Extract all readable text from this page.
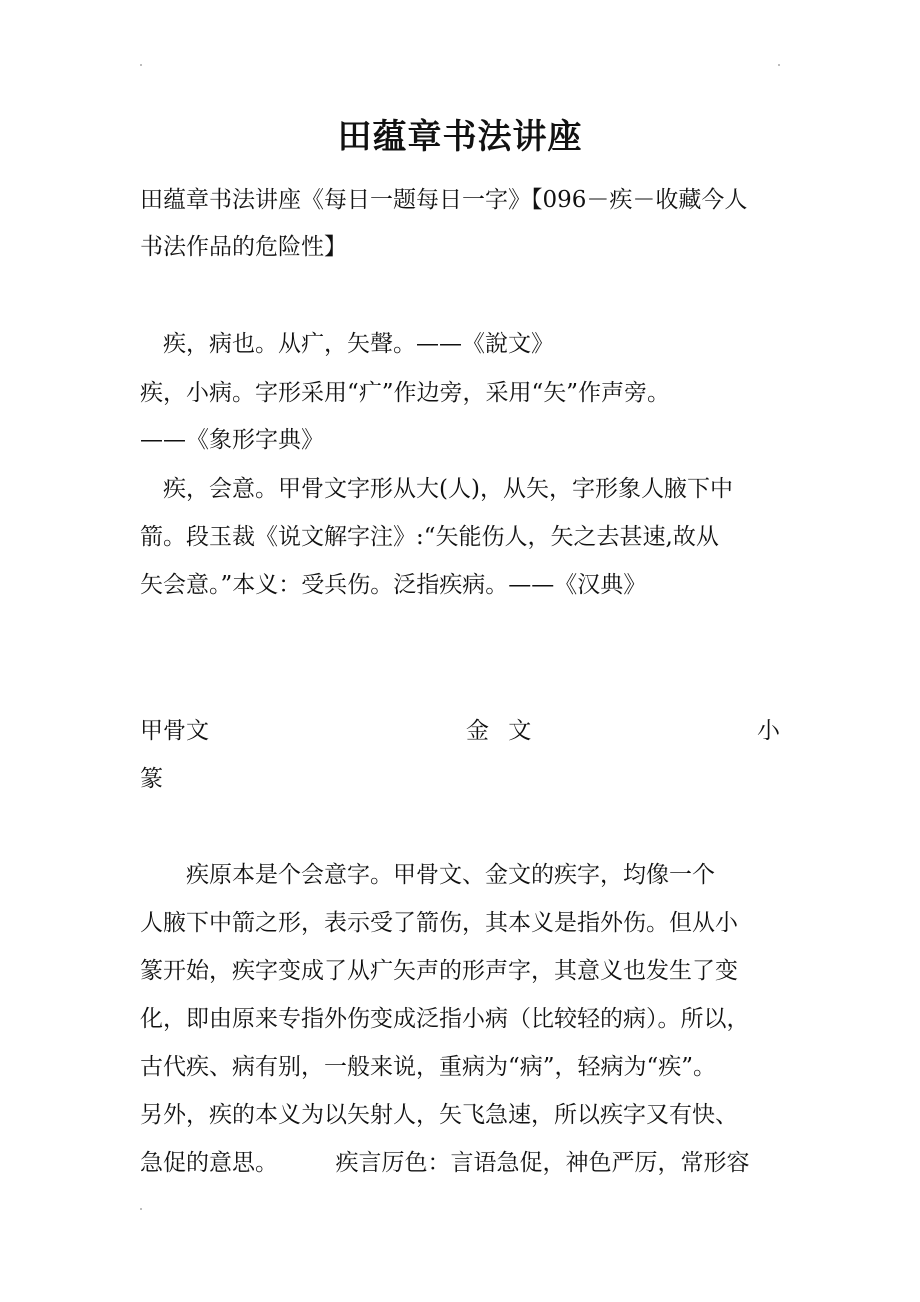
田蕴章书法讲座
田蕴章书法讲座《每日一题每日一字》【096－疾－收藏今人
书法作品的危险性】
　疾，病也。从疒，矢聲。——《說文》
疾，小病。字形采用“疒”作边旁，采用“矢”作声旁。
——《象形字典》
　疾，会意。甲骨文字形从大(人)，从矢，字形象人腋下中
箭。段玉裁《说文解字注》:“矢能伤人，矢之去甚速,故从
矢会意。”本义：受兵伤。泛指疾病。——《汉典》
甲骨文	金 文	小
篆
　　疾原本是个会意字。甲骨文、金文的疾字，均像一个
人腋下中箭之形，表示受了箭伤，其本义是指外伤。但从小
篆开始，疾字变成了从疒矢声的形声字，其意义也发生了变
化，即由原来专指外伤变成泛指小病（比较轻的病）。所以，
古代疾、病有别，一般来说，重病为“病”，轻病为“疾”。
另外，疾的本义为以矢射人，矢飞急速，所以疾字又有快、
急促的意思。　　　疾言厉色：言语急促，神色严厉，常形容
